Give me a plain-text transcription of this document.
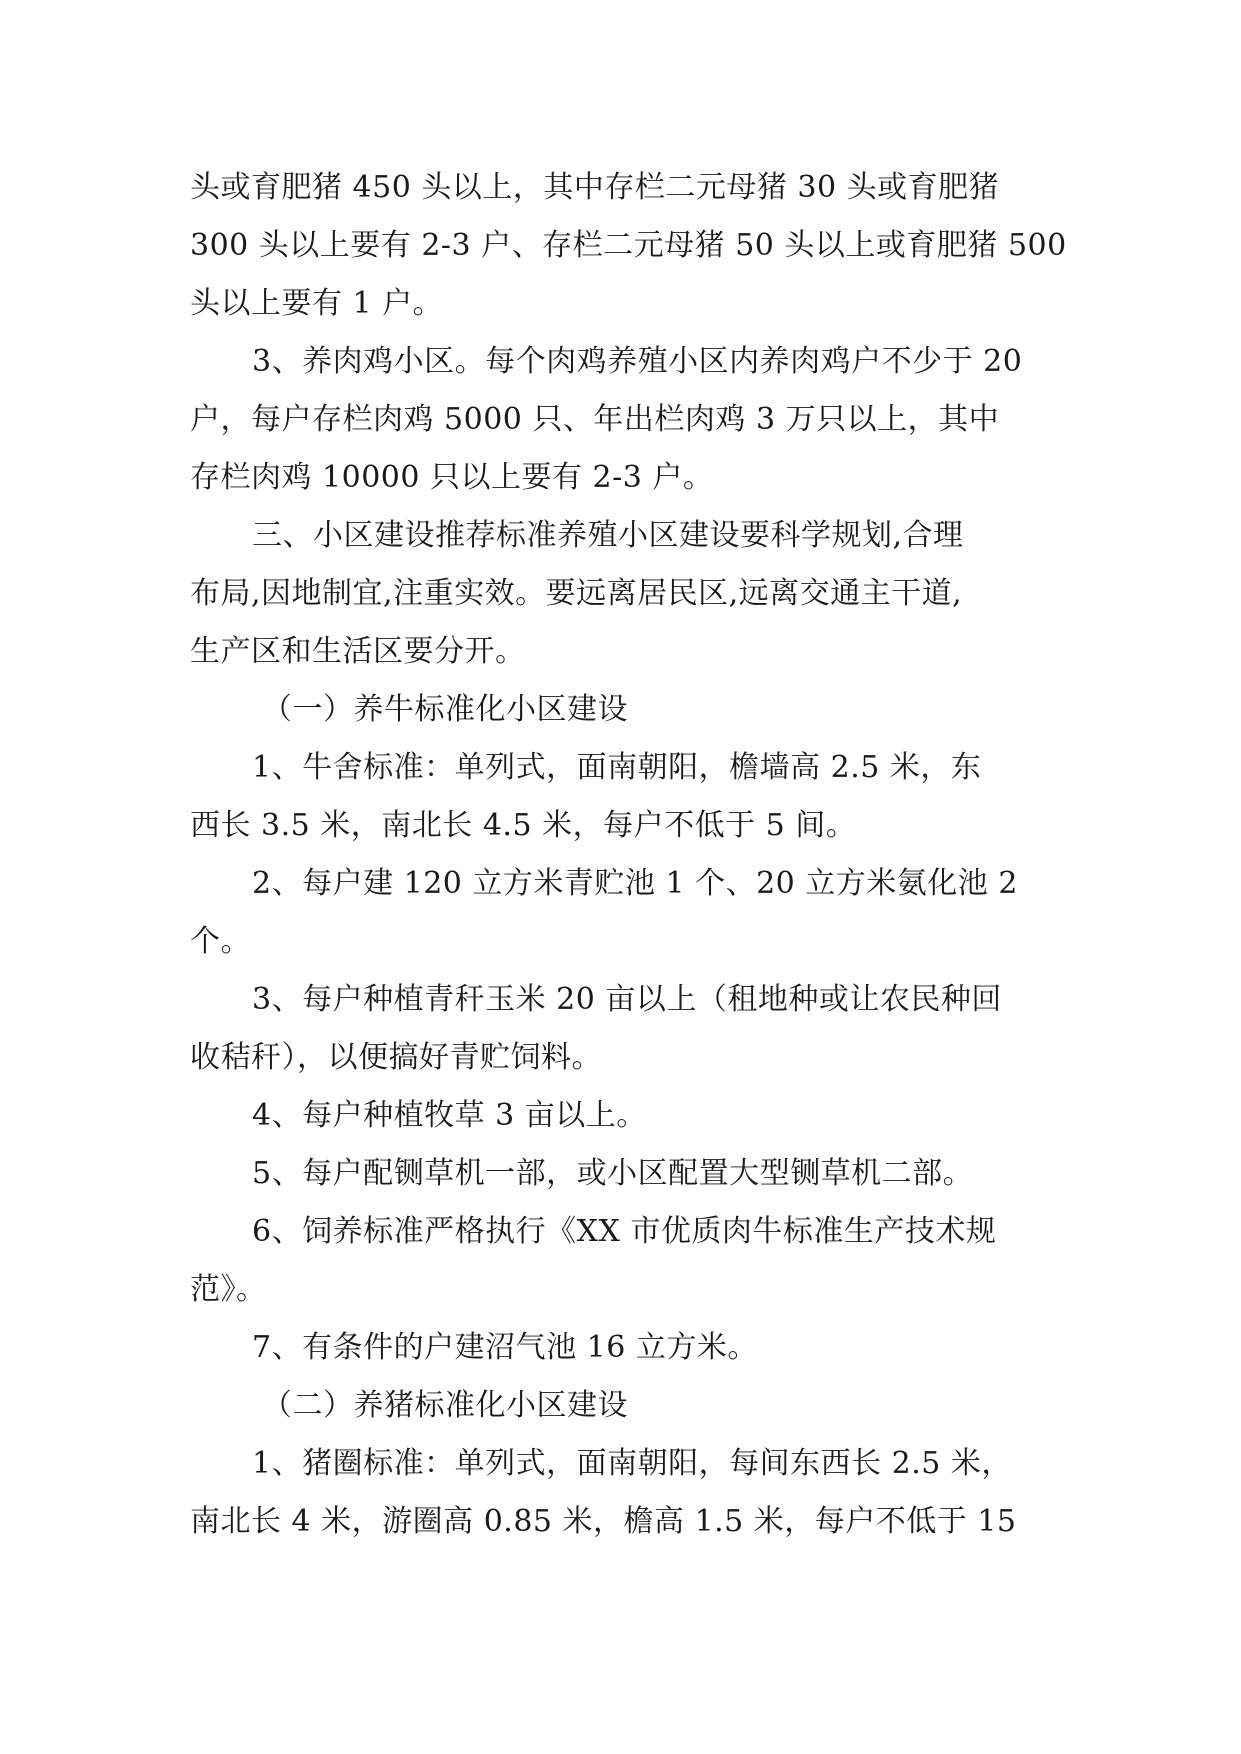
头或育肥猪 450 头以上，其中存栏二元母猪 30 头或育肥猪
300 头以上要有 2-3 户、存栏二元母猪 50 头以上或育肥猪 500
头以上要有 1 户。
3、养肉鸡小区。每个肉鸡养殖小区内养肉鸡户不少于 20
户，每户存栏肉鸡 5000 只、年出栏肉鸡 3 万只以上，其中
存栏肉鸡 10000 只以上要有 2-3 户。
三、小区建设推荐标准养殖小区建设要科学规划,合理
布局,因地制宜,注重实效。要远离居民区,远离交通主干道,
生产区和生活区要分开。
（一）养牛标准化小区建设
1、牛舍标准：单列式，面南朝阳，檐墙高 2.5 米，东
西长 3.5 米，南北长 4.5 米，每户不低于 5 间。
2、每户建 120 立方米青贮池 1 个、20 立方米氨化池 2
个。
3、每户种植青秆玉米 20 亩以上（租地种或让农民种回
收秸秆），以便搞好青贮饲料。
4、每户种植牧草 3 亩以上。
5、每户配铡草机一部，或小区配置大型铡草机二部。
6、饲养标准严格执行《XX 市优质肉牛标准生产技术规
范》。
7、有条件的户建沼气池 16 立方米。
（二）养猪标准化小区建设
1、猪圈标准：单列式，面南朝阳，每间东西长 2.5 米，
南北长 4 米，游圈高 0.85 米，檐高 1.5 米，每户不低于 15
